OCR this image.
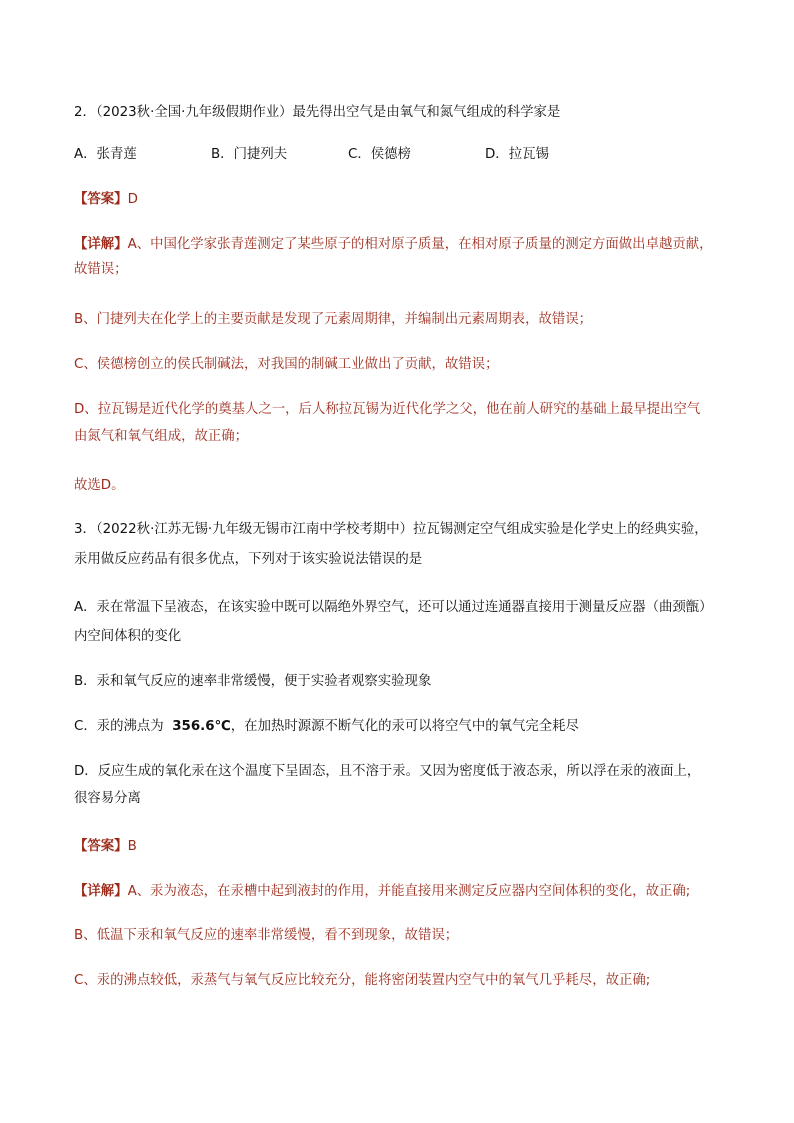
2．（2023秋·全国·九年级假期作业）最先得出空气是由氧气和氮气组成的科学家是
A．张青莲	B．门捷列夫	C．侯德榜	D．拉瓦锡
【答案】D
【详解】A、中国化学家张青莲测定了某些原子的相对原子质量，在相对原子质量的测定方面做出卓越贡献，
故错误；
B、门捷列夫在化学上的主要贡献是发现了元素周期律，并编制出元素周期表，故错误；
C、侯德榜创立的侯氏制碱法，对我国的制碱工业做出了贡献，故错误；
D、拉瓦锡是近代化学的奠基人之一，后人称拉瓦锡为近代化学之父，他在前人研究的基础上最早提出空气
由氮气和氧气组成，故正确；
故选D。
3．（2022秋·江苏无锡·九年级无锡市江南中学校考期中）拉瓦锡测定空气组成实验是化学史上的经典实验，
汞用做反应药品有很多优点，下列对于该实验说法错误的是
A．汞在常温下呈液态，在该实验中既可以隔绝外界空气，还可以通过连通器直接用于测量反应器（曲颈甑）
内空间体积的变化
B．汞和氧气反应的速率非常缓慢，便于实验者观察实验现象
C．汞的沸点为 356.6℃，在加热时源源不断气化的汞可以将空气中的氧气完全耗尽
D．反应生成的氧化汞在这个温度下呈固态，且不溶于汞。又因为密度低于液态汞，所以浮在汞的液面上，
很容易分离
【答案】B
【详解】A、汞为液态，在汞槽中起到液封的作用，并能直接用来测定反应器内空间体积的变化，故正确;
B、低温下汞和氧气反应的速率非常缓慢，看不到现象，故错误；
C、汞的沸点较低，汞蒸气与氧气反应比较充分，能将密闭装置内空气中的氧气几乎耗尽，故正确;
